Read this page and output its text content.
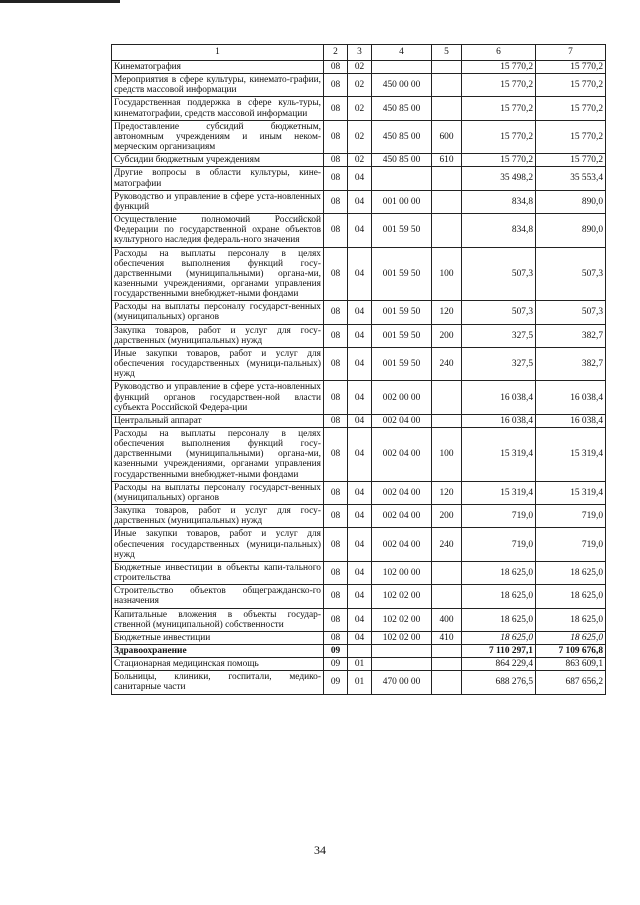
1	2	3	4	5	6	7
Кинематография	08	02			15 770,2	15 770,2
Мероприятия в сфере культуры, кинемато-графии, средств массовой информации	08	02	450 00 00		15 770,2	15 770,2
Государственная поддержка в сфере куль-туры, кинематографии, средств массовой информации	08	02	450 85 00		15 770,2	15 770,2
Предоставление субсидий бюджетным, автономным учреждениям и иным неком-мерческим организациям	08	02	450 85 00	600	15 770,2	15 770,2
Субсидии бюджетным учреждениям	08	02	450 85 00	610	15 770,2	15 770,2
Другие вопросы в области культуры, кине-матографии	08	04			35 498,2	35 553,4
Руководство и управление в сфере уста-новленных функций	08	04	001 00 00		834,8	890,0
Осуществление полномочий Российской Федерации по государственной охране объектов культурного наследия федераль-ного значения	08	04	001 59 50		834,8	890,0
Расходы на выплаты персоналу в целях обеспечения выполнения функций госу-дарственными (муниципальными) органа-ми, казенными учреждениями, органами управления государственными внебюджет-ными фондами	08	04	001 59 50	100	507,3	507,3
Расходы на выплаты персоналу государст-венных (муниципальных) органов	08	04	001 59 50	120	507,3	507,3
Закупка товаров, работ и услуг для госу-дарственных (муниципальных) нужд	08	04	001 59 50	200	327,5	382,7
Иные закупки товаров, работ и услуг для обеспечения государственных (муници-пальных) нужд	08	04	001 59 50	240	327,5	382,7
Руководство и управление в сфере уста-новленных функций органов государствен-ной власти субъекта Российской Федера-ции	08	04	002 00 00		16 038,4	16 038,4
Центральный аппарат	08	04	002 04 00		16 038,4	16 038,4
Расходы на выплаты персоналу в целях обеспечения выполнения функций госу-дарственными (муниципальными) органа-ми, казенными учреждениями, органами управления государственными внебюджет-ными фондами	08	04	002 04 00	100	15 319,4	15 319,4
Расходы на выплаты персоналу государст-венных (муниципальных) органов	08	04	002 04 00	120	15 319,4	15 319,4
Закупка товаров, работ и услуг для госу-дарственных (муниципальных) нужд	08	04	002 04 00	200	719,0	719,0
Иные закупки товаров, работ и услуг для обеспечения государственных (муници-пальных) нужд	08	04	002 04 00	240	719,0	719,0
Бюджетные инвестиции в объекты капи-тального строительства	08	04	102 00 00		18 625,0	18 625,0
Строительство объектов общегражданско-го назначения	08	04	102 02 00		18 625,0	18 625,0
Капитальные вложения в объекты государ-ственной (муниципальной) собственности	08	04	102 02 00	400	18 625,0	18 625,0
Бюджетные инвестиции	08	04	102 02 00	410	18 625,0	18 625,0
Здравоохранение	09				7 110 297,1	7 109 676,8
Стационарная медицинская помощь	09	01			864 229,4	863 609,1
Больницы, клиники, госпитали, медико-санитарные части	09	01	470 00 00		688 276,5	687 656,2
34
